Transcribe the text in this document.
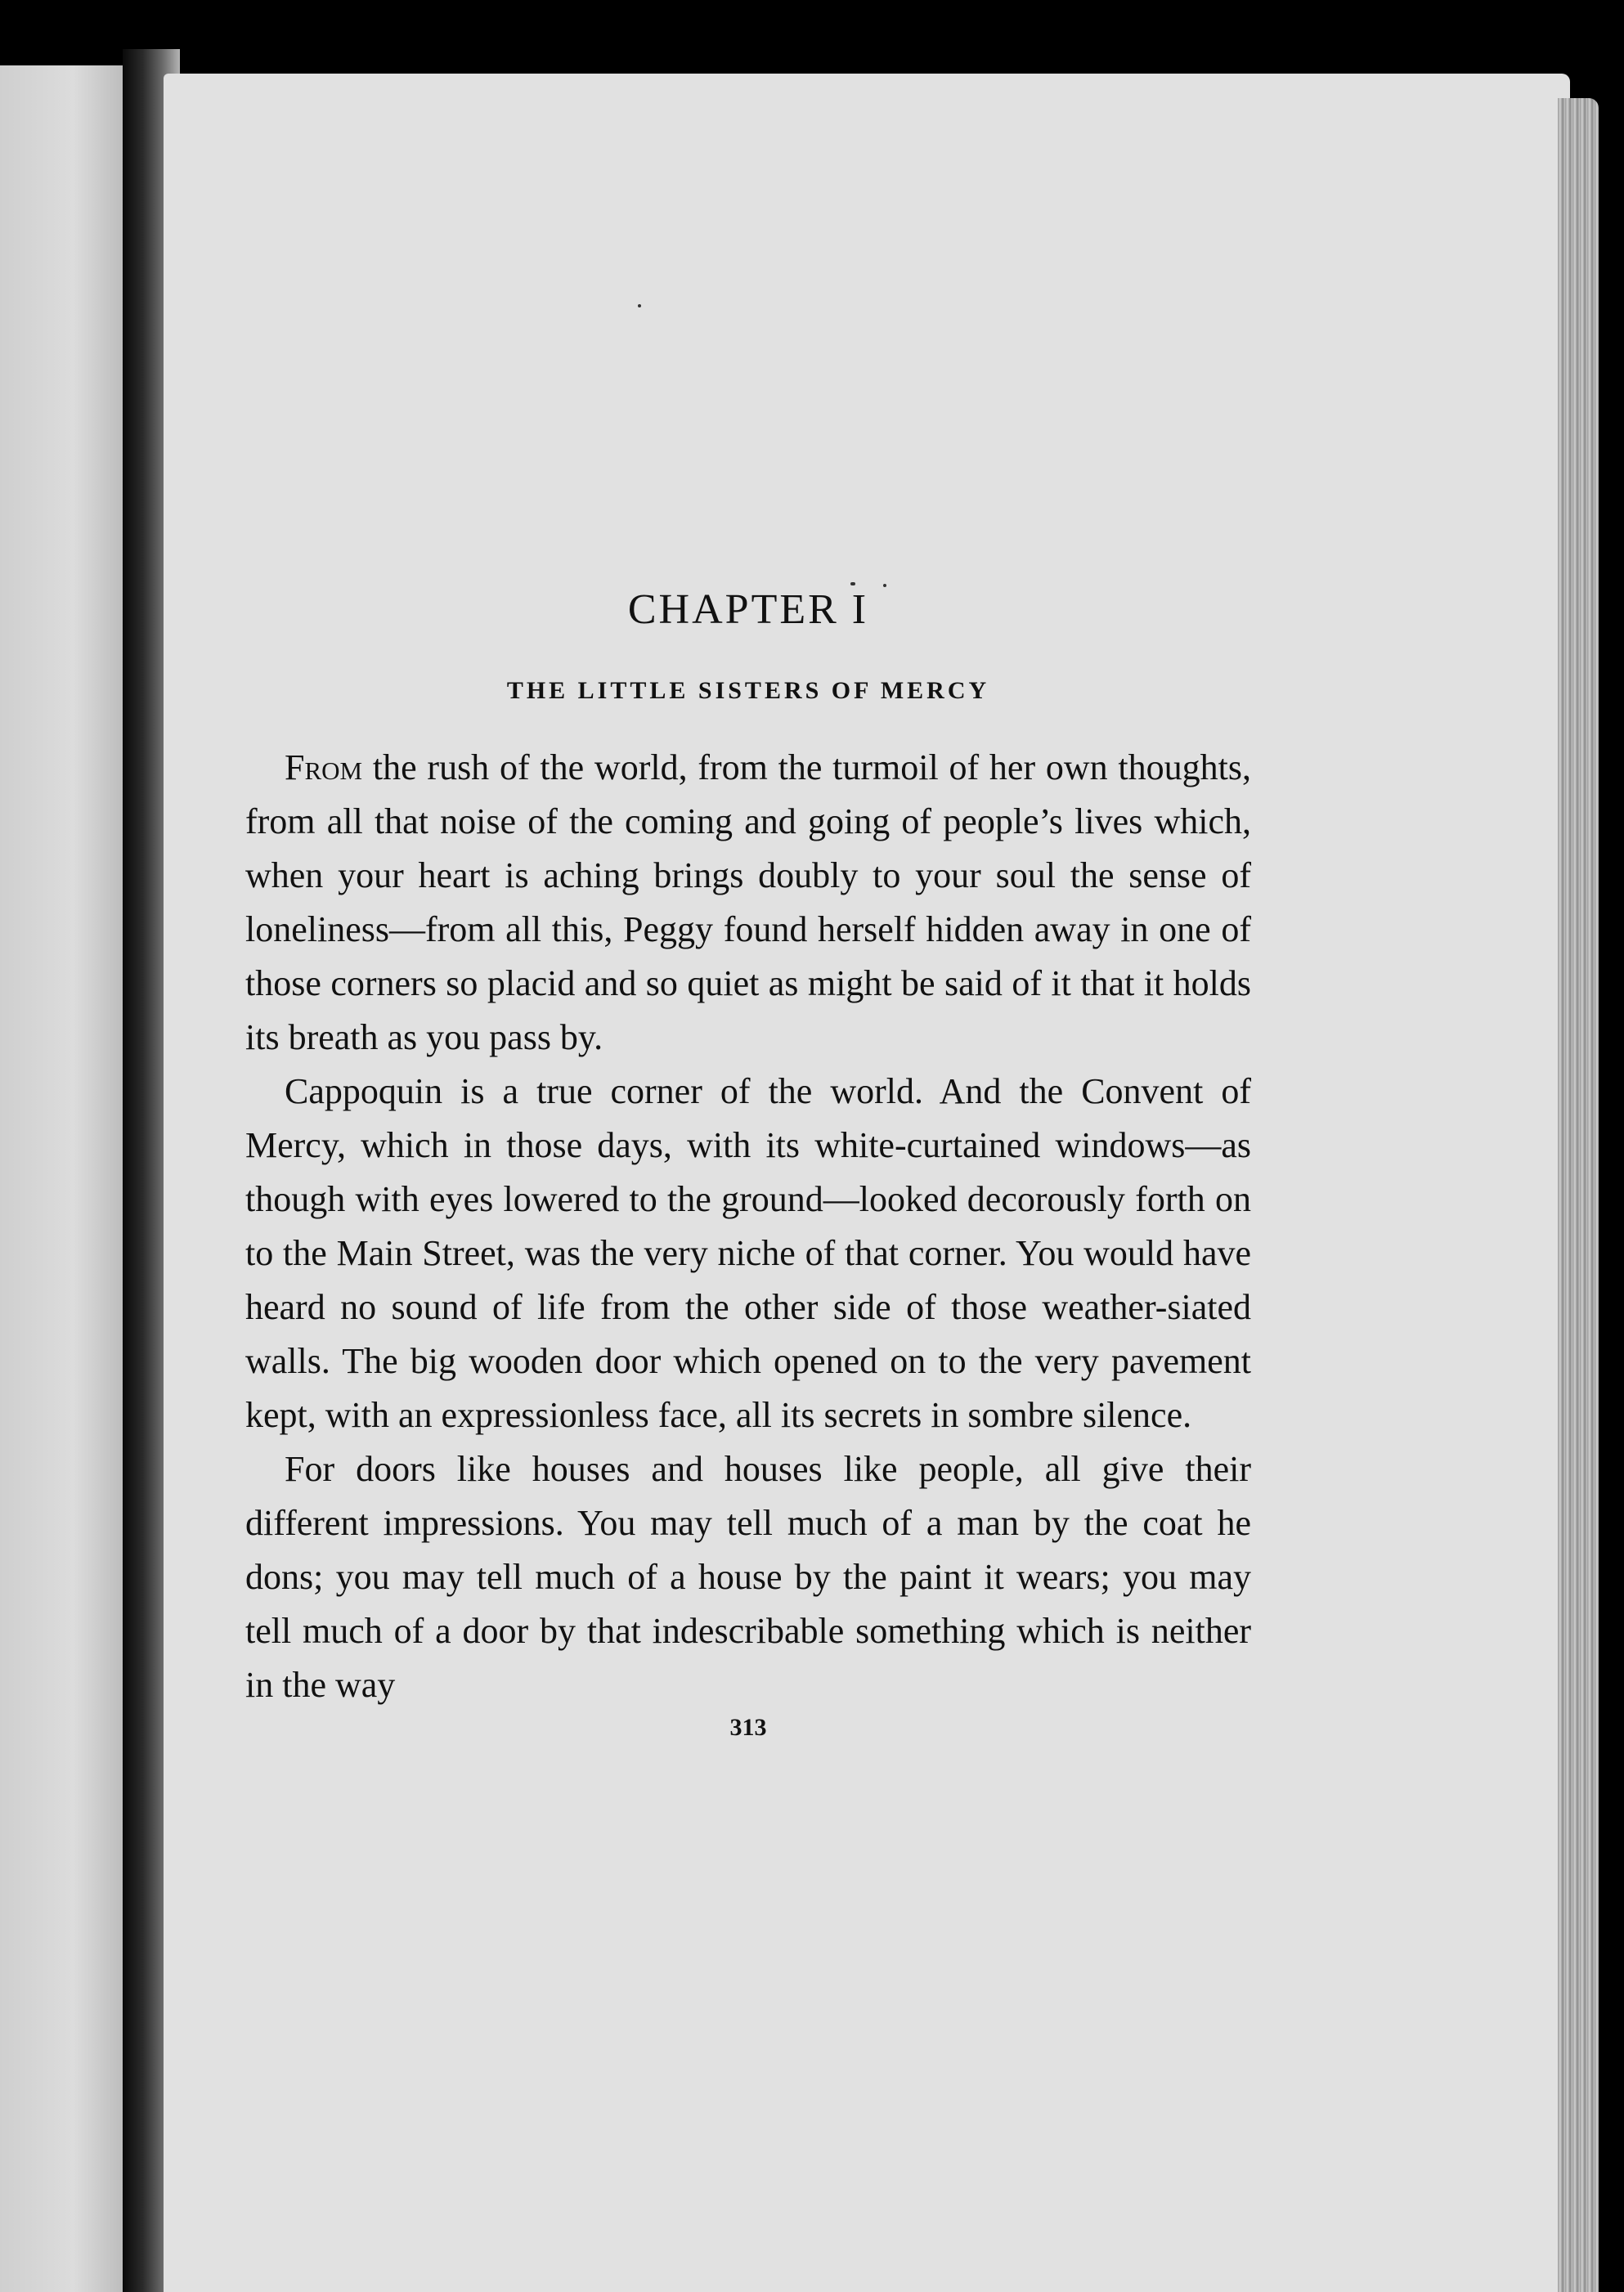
CHAPTER I
THE LITTLE SISTERS OF MERCY

From the rush of the world, from the turmoil of her own thoughts, from all that noise of the coming and going of people’s lives which, when your heart is aching brings doubly to your soul the sense of loneliness—from all this, Peggy found herself hidden away in one of those corners so placid and so quiet as might be said of it that it holds its breath as you pass by.

Cappoquin is a true corner of the world. And the Convent of Mercy, which in those days, with its white-curtained windows—as though with eyes lowered to the ground—looked decorously forth on to the Main Street, was the very niche of that corner. You would have heard no sound of life from the other side of those weather-siated walls. The big wooden door which opened on to the very pavement kept, with an expressionless face, all its secrets in sombre silence.

For doors like houses and houses like people, all give their different impressions. You may tell much of a man by the coat he dons; you may tell much of a house by the paint it wears; you may tell much of a door by that indescribable something which is neither in the way

313
